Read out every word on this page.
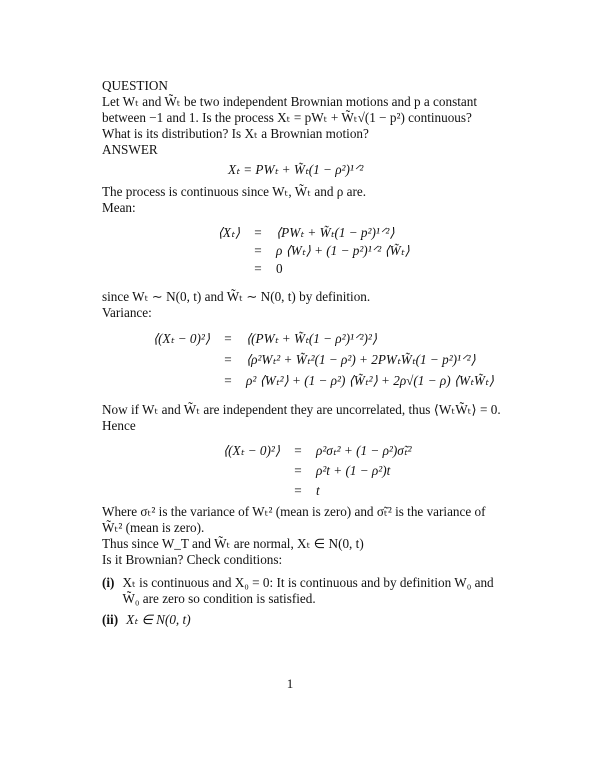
QUESTION
Let Wₜ and W̃ₜ be two independent Brownian motions and p a constant between −1 and 1. Is the process Xₜ = pWₜ + W̃ₜ√(1 − p²) continuous? What is its distribution? Is Xₜ a Brownian motion?
ANSWER
Xₜ = PWₜ + W̃ₜ(1 − ρ²)¹ᐟ²
The process is continuous since Wₜ, W̃ₜ and ρ are.
Mean:
⟨Xₜ⟩	=	⟨PWₜ + W̃ₜ(1 − p²)¹ᐟ²⟩
=	ρ ⟨Wₜ⟩ + (1 − p²)¹ᐟ² ⟨W̃ₜ⟩
=	0
since Wₜ ∼ N(0, t) and W̃ₜ ∼ N(0, t) by definition.
Variance:
⟨(Xₜ − 0)²⟩	=	⟨(PWₜ + W̃ₜ(1 − ρ²)¹ᐟ²)²⟩
=	⟨ρ²Wₜ² + W̃ₜ²(1 − ρ²) + 2PWₜW̃ₜ(1 − p²)¹ᐟ²⟩
=	ρ² ⟨Wₜ²⟩ + (1 − ρ²) ⟨W̃ₜ²⟩ + 2ρ√(1 − ρ) ⟨WₜW̃ₜ⟩
Now if Wₜ and W̃ₜ are independent they are uncorrelated, thus ⟨WₜW̃ₜ⟩ = 0.
Hence
⟨(Xₜ − 0)²⟩	=	ρ²σₜ² + (1 − ρ²)σ̃ₜ²
=	ρ²t + (1 − ρ²)t
=	t
Where σₜ² is the variance of Wₜ² (mean is zero) and σ̃ₜ² is the variance of W̃ₜ² (mean is zero).
Thus since W_T and W̃ₜ are normal, Xₜ ∈ N(0, t)
Is it Brownian? Check conditions:
(i) Xₜ is continuous and X₀ = 0: It is continuous and by definition W₀ and W̃₀ are zero so condition is satisfied.
(ii) Xₜ ∈ N(0, t)
1
